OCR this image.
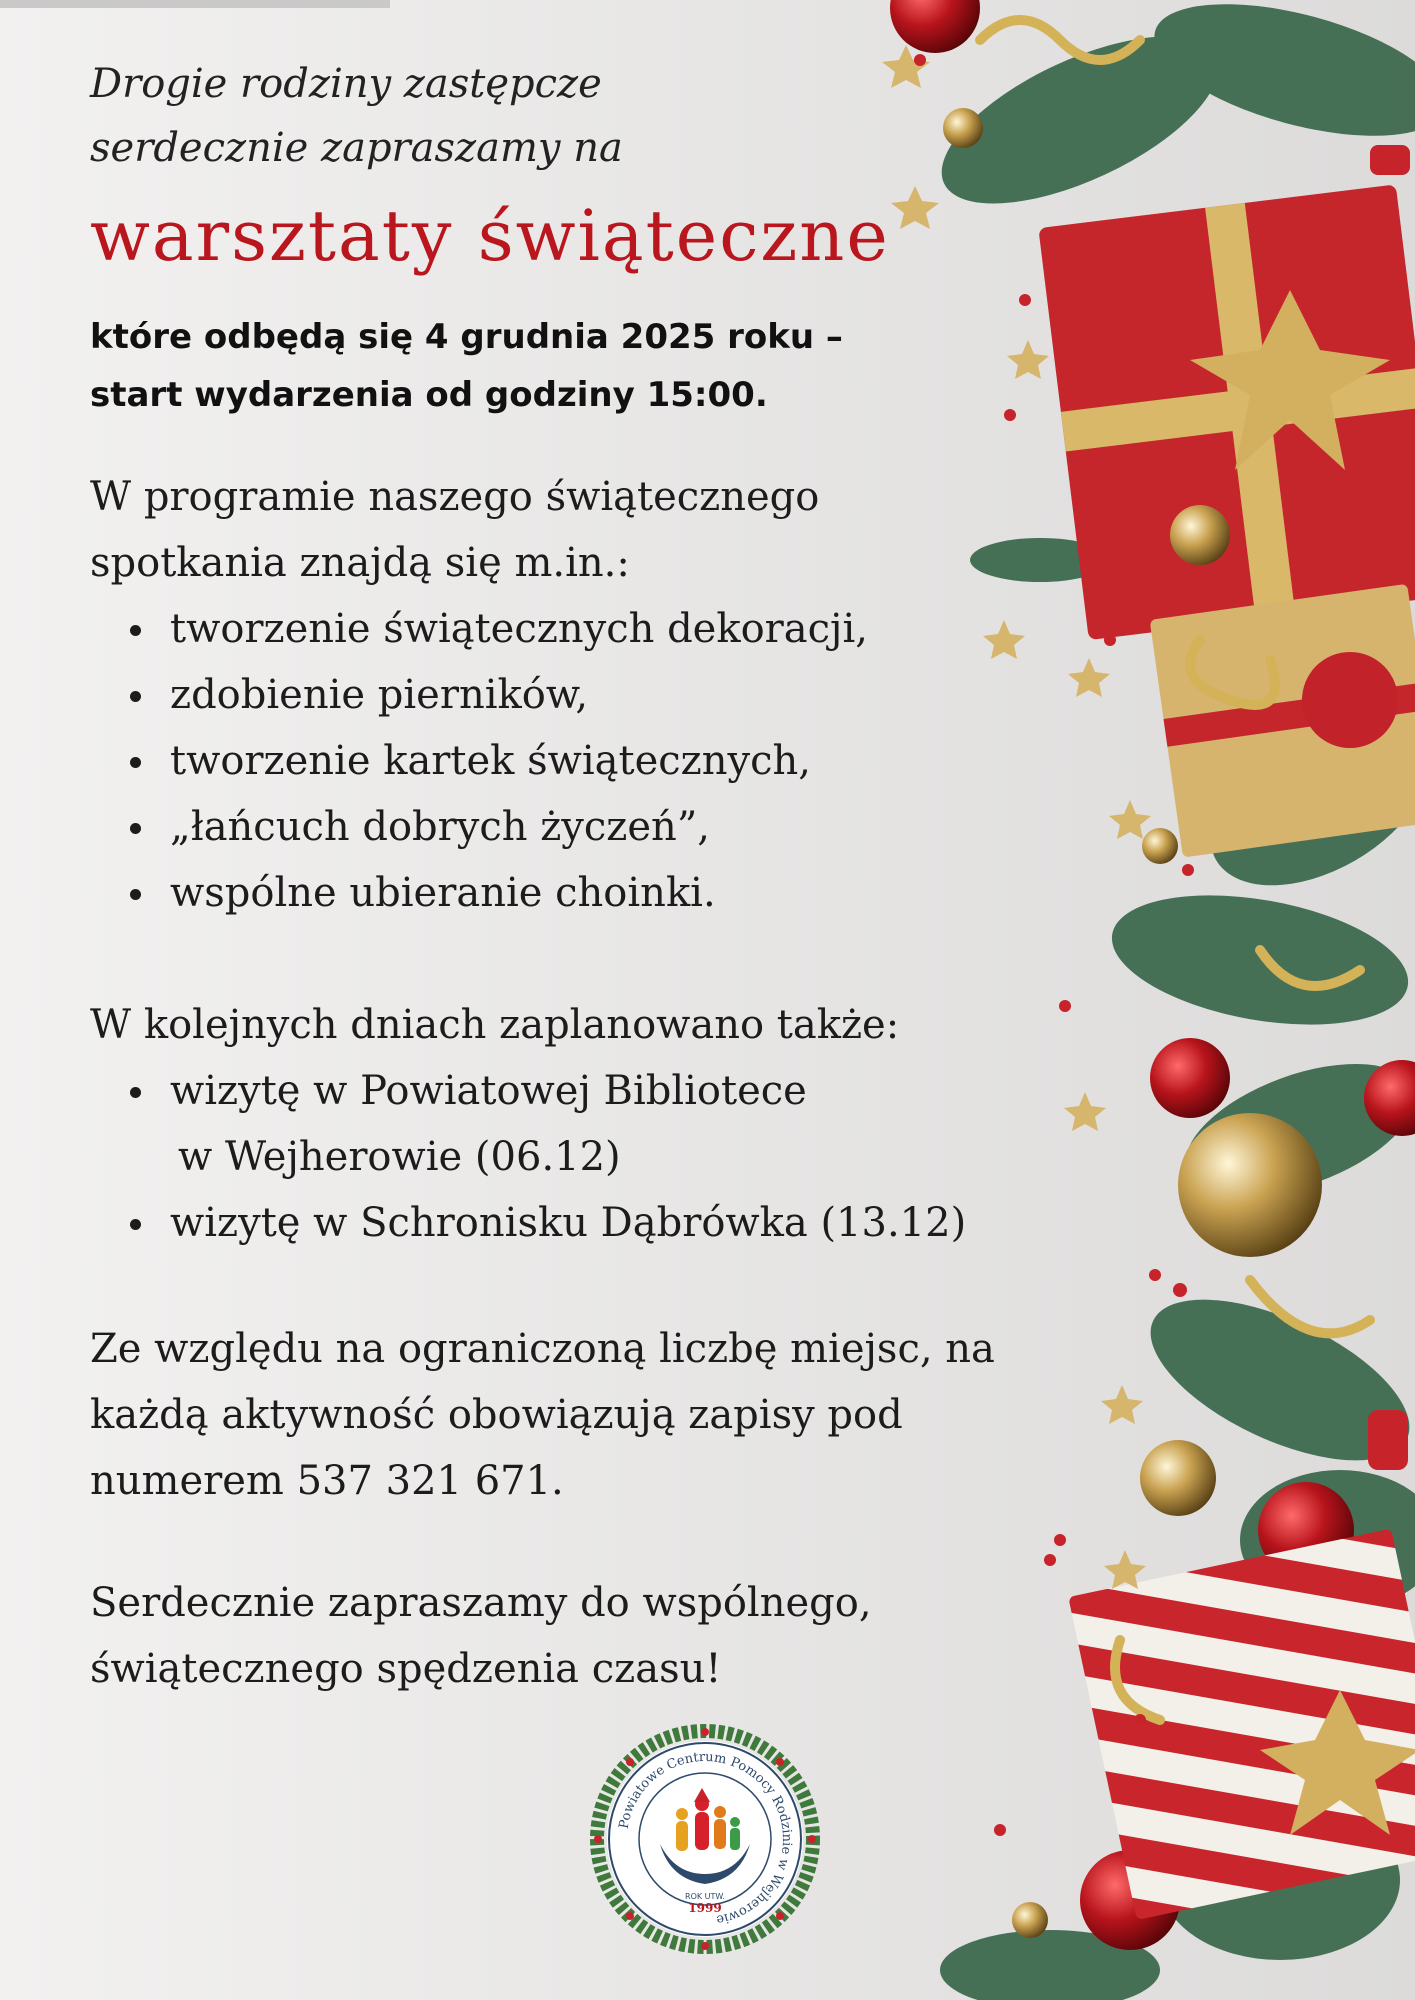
Drogie rodziny zastępcze

serdecznie zapraszamy na

warsztaty świąteczne

które odbędą się 4 grudnia 2025 roku –

start wydarzenia od godziny 15:00.

W programie naszego świątecznego

spotkania znajdą się m.in.:

tworzenie świątecznych dekoracji,
zdobienie pierników,
tworzenie kartek świątecznych,
„łańcuch dobrych życzeń”,
wspólne ubieranie choinki.

W kolejnych dniach zaplanowano także:

wizytę w Powiatowej Bibliotece
w Wejherowie (06.12)
wizytę w Schronisku Dąbrówka (13.12)

Ze względu na ograniczoną liczbę miejsc, na

każdą aktywność obowiązują zapisy pod

numerem 537 321 671.

Serdecznie zapraszamy do wspólnego,

świątecznego spędzenia czasu!

Powiatowe Centrum Pomocy Rodzinie w Wejherowie
ROK UTW.
1999
